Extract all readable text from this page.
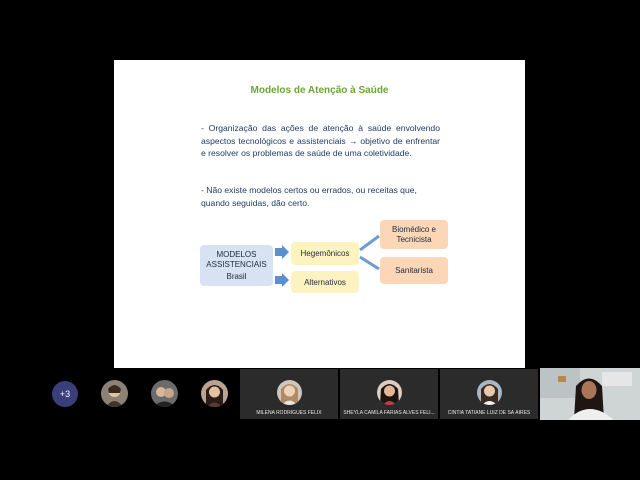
Modelos de Atenção à Saúde
- Organização das ações de atenção à saúde envolvendo aspectos tecnológicos e assistenciais → objetivo de enfrentar e resolver os problemas de saúde de uma coletividade.
- Não existe modelos certos ou errados, ou receitas que, quando seguidas, dão certo.
MODELOS
ASSISTENCIAIS
Brasil
Hegemônicos
Alternativos
Biomédico e
Tecnicista
Sanitarista
+3
MILENA RODRIGUES FELIX	SHEYLA CAMILA FARIAS ALVES FELI...	CINTIA TATIANE LUIZ DE SÁ AIRES
